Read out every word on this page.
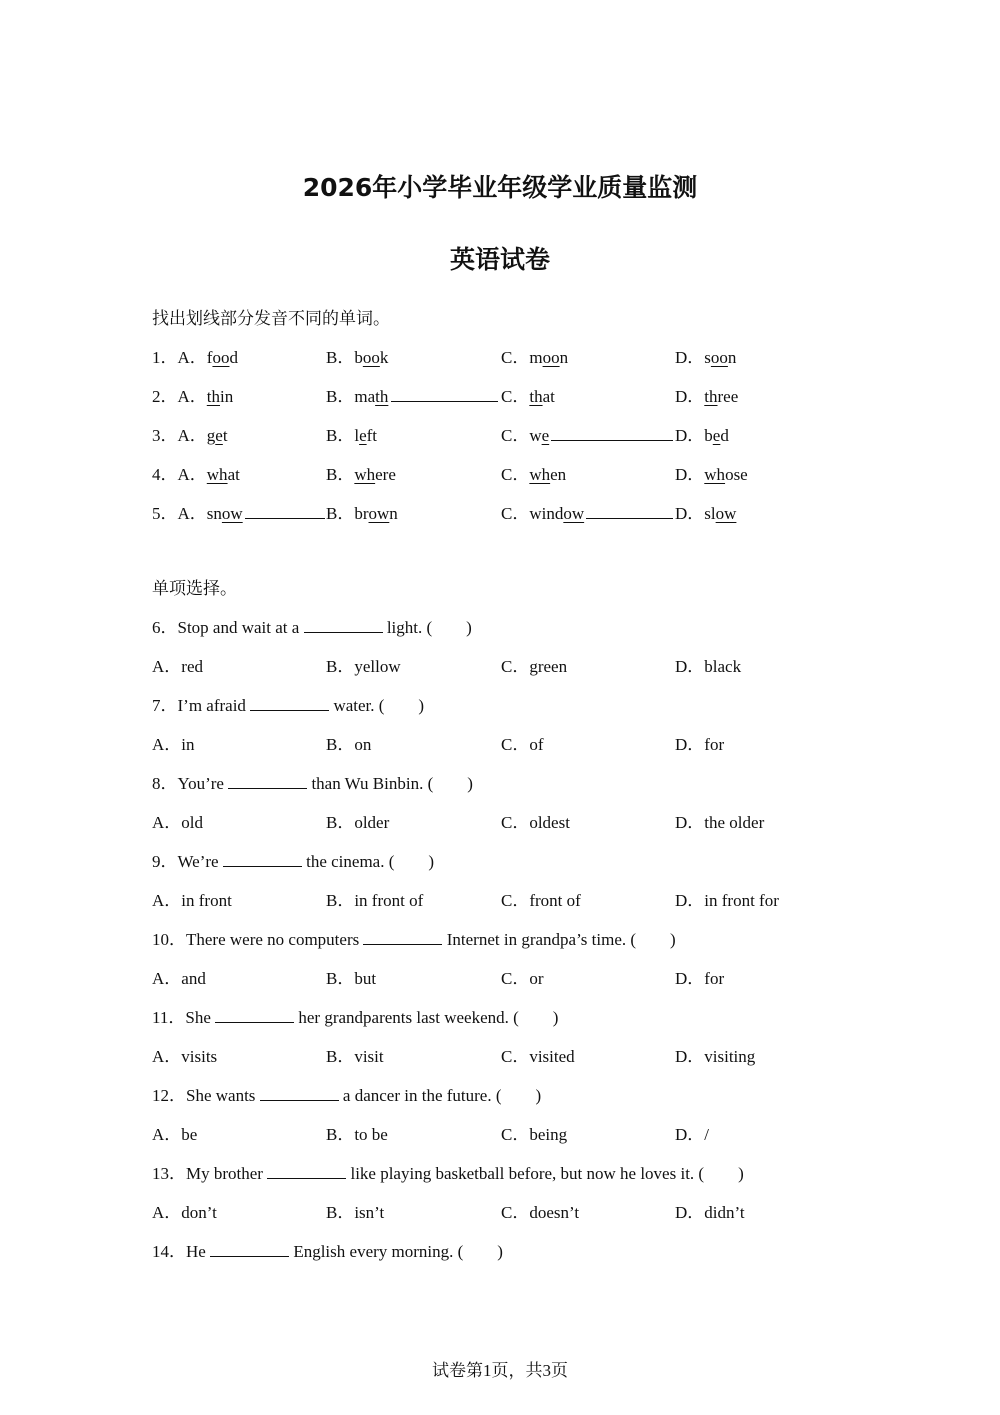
2026年小学毕业年级学业质量监测
英语试卷
找出划线部分发音不同的单词。
1．A．food	B．book	C．moon	D．soon
2．A．thin	B．math	C．that	D．three
3．A．get	B．left	C．we	D．bed
4．A．what	B．where	C．when	D．whose
5．A．snow	B．brown	C．window	D．slow
单项选择。
6．Stop and wait at a	light. (　　)
A．red	B．yellow	C．green	D．black
7．I’m afraid	water. (　　)
A．in	B．on	C．of	D．for
8．You’re	than Wu Binbin. (　　)
A．old	B．older	C．oldest	D．the older
9．We’re	the cinema. (　　)
A．in front	B．in front of	C．front of	D．in front for
10．There were no computers	Internet in grandpa’s time. (　　)
A．and	B．but	C．or	D．for
11．She	her grandparents last weekend. (　　)
A．visits	B．visit	C．visited	D．visiting
12．She wants	a dancer in the future. (　　)
A．be	B．to be	C．being	D．/
13．My brother	like playing basketball before, but now he loves it. (　　)
A．don’t	B．isn’t	C．doesn’t	D．didn’t
14．He	English every morning. (　　)
试卷第1页，共3页
